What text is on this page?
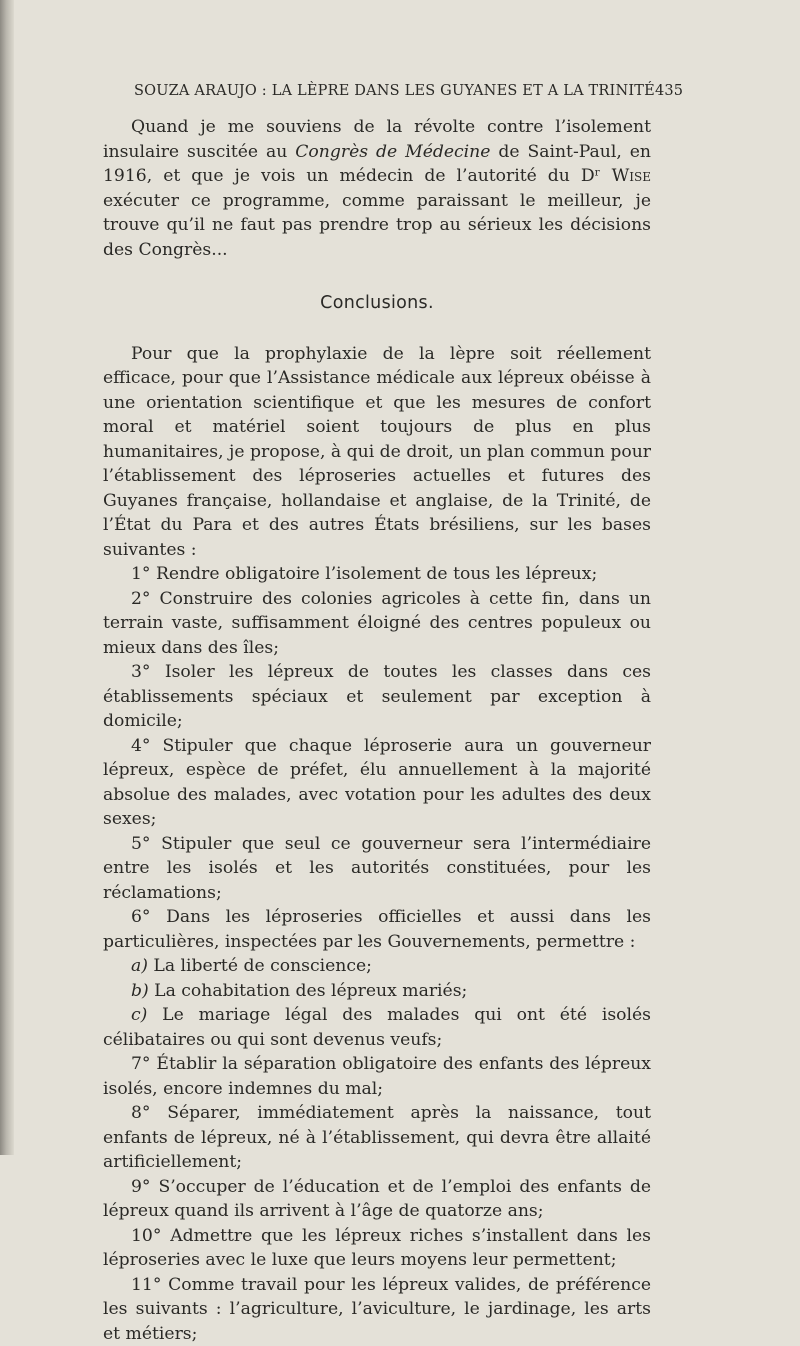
SOUZA ARAUJO : LA LÈPRE DANS LES GUYANES ET A LA TRINITÉ 435

Quand je me souviens de la révolte contre l’isolement insulaire suscitée au Congrès de Médecine de Saint-Paul, en 1916, et que je vois un médecin de l’autorité du Dʳ Wise exécuter ce programme, comme paraissant le meilleur, je trouve qu’il ne faut pas prendre trop au sérieux les décisions des Congrès...

Conclusions.

Pour que la prophylaxie de la lèpre soit réellement efficace, pour que l’Assistance médicale aux lépreux obéisse à une orientation scientifique et que les mesures de confort moral et matériel soient toujours de plus en plus humanitaires, je propose, à qui de droit, un plan commun pour l’établissement des léproseries actuelles et futures des Guyanes française, hollandaise et anglaise, de la Trinité, de l’État du Para et des autres États brésiliens, sur les bases suivantes :

1° Rendre obligatoire l’isolement de tous les lépreux;

2° Construire des colonies agricoles à cette fin, dans un terrain vaste, suffisamment éloigné des centres populeux ou mieux dans des îles;

3° Isoler les lépreux de toutes les classes dans ces établissements spéciaux et seulement par exception à domicile;

4° Stipuler que chaque léproserie aura un gouverneur lépreux, espèce de préfet, élu annuellement à la majorité absolue des malades, avec votation pour les adultes des deux sexes;

5° Stipuler que seul ce gouverneur sera l’intermédiaire entre les isolés et les autorités constituées, pour les réclamations;

6° Dans les léproseries officielles et aussi dans les particulières, inspectées par les Gouvernements, permettre :

a) La liberté de conscience;

b) La cohabitation des lépreux mariés;

c) Le mariage légal des malades qui ont été isolés célibataires ou qui sont devenus veufs;

7° Établir la séparation obligatoire des enfants des lépreux isolés, encore indemnes du mal;

8° Séparer, immédiatement après la naissance, tout enfants de lépreux, né à l’établissement, qui devra être allaité artificiellement;

9° S’occuper de l’éducation et de l’emploi des enfants de lépreux quand ils arrivent à l’âge de quatorze ans;

10° Admettre que les lépreux riches s’installent dans les léproseries avec le luxe que leurs moyens leur permettent;

11° Comme travail pour les lépreux valides, de préférence les suivants : l’agriculture, l’aviculture, le jardinage, les arts et métiers;
